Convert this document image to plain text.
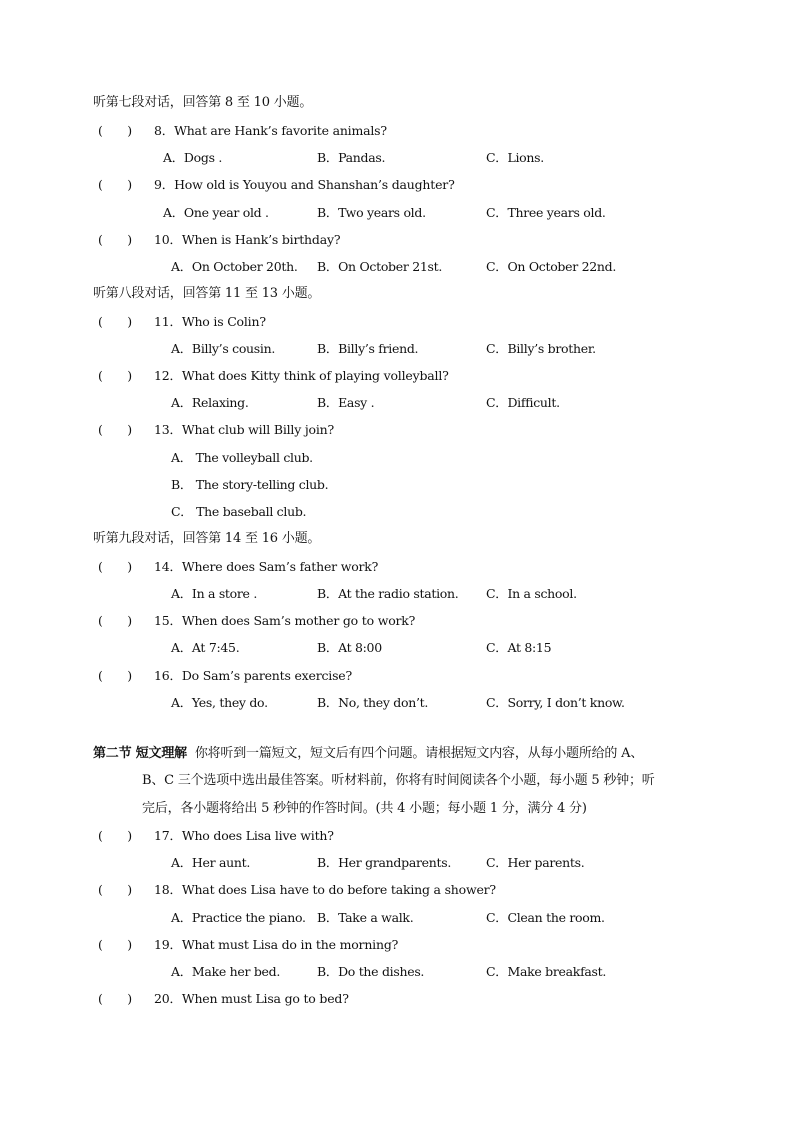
听第七段对话，回答第 8 至 10 小题。
(　　) 8．What are Hank’s favorite animals?
A．Dogs .	B．Pandas.	C．Lions.
(　　) 9．How old is Youyou and Shanshan’s daughter?
A．One year old .	B．Two years old.	C．Three years old.
(　　) 10．When is Hank’s birthday?
A．On October 20th. B．On October 21st.	C．On October 22nd.
听第八段对话，回答第 11 至 13 小题。
(　　) 11．Who is Colin?
A．Billy’s cousin.	B．Billy’s friend.	C．Billy’s brother.
(　　) 12．What does Kitty think of playing volleyball?
A．Relaxing.	B．Easy .	C．Difficult.
(　　) 13．What club will Billy join?
A． The volleyball club.
B． The story-telling club.
C． The baseball club.
听第九段对话，回答第 14 至 16 小题。
(　　) 14．Where does Sam’s father work?
A．In a store .	B．At the radio station. C．In a school.
(　　) 15．When does Sam’s mother go to work?
A．At 7:45.	B．At 8:00	C．At 8:15
(　　) 16．Do Sam’s parents exercise?
A．Yes, they do.	B．No, they don’t.	C．Sorry, I don’t know.
第二节 短文理解 你将听到一篇短文，短文后有四个问题。请根据短文内容，从每小题所给的 A、
B、C 三个选项中选出最佳答案。听材料前，你将有时间阅读各个小题，每小题 5 秒钟；听
完后，各小题将给出 5 秒钟的作答时间。(共 4 小题；每小题 1 分，满分 4 分)
(　　) 17．Who does Lisa live with?
A．Her aunt.	B．Her grandparents.	C．Her parents.
(　　) 18．What does Lisa have to do before taking a shower?
A．Practice the piano. B．Take a walk.	C．Clean the room.
(　　) 19．What must Lisa do in the morning?
A．Make her bed.	B．Do the dishes.	C．Make breakfast.
(　　) 20．When must Lisa go to bed?
